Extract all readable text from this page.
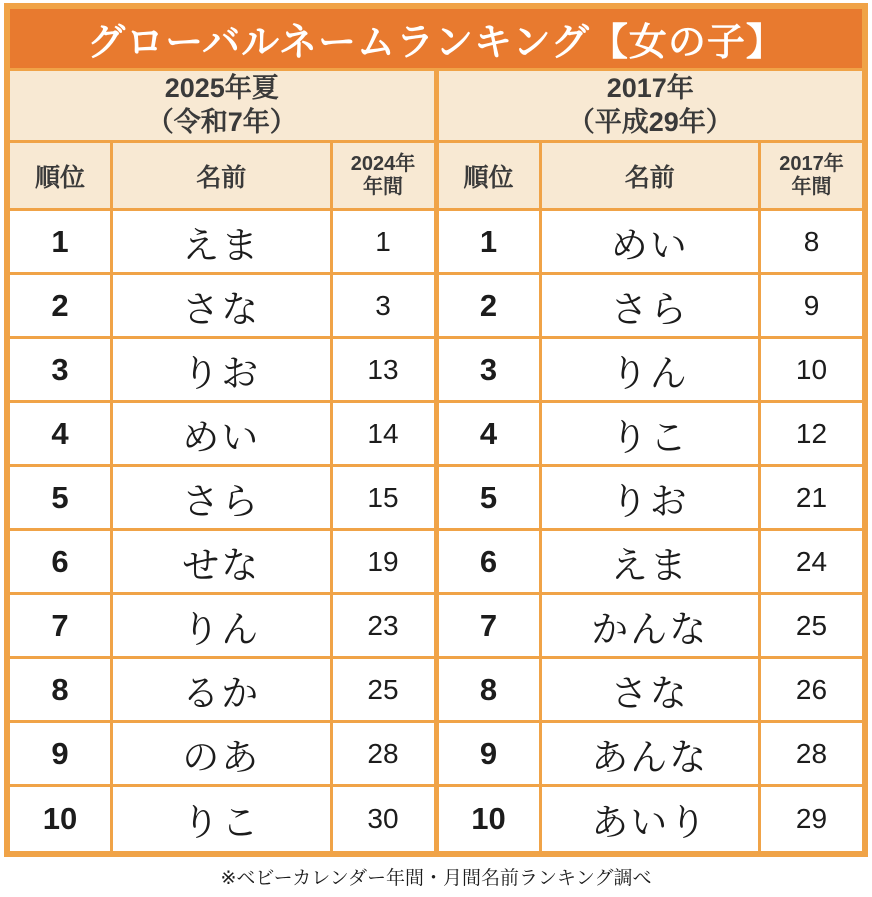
グローバルネームランキング【女の子】
2025年夏
（令和7年）
順位	名前	2024年
年間
1	えま	1
2	さな	3
3	りお	13
4	めい	14
5	さら	15
6	せな	19
7	りん	23
8	るか	25
9	のあ	28
10	りこ	30
2017年
（平成29年）
順位	名前	2017年
年間
1	めい	8
2	さら	9
3	りん	10
4	りこ	12
5	りお	21
6	えま	24
7	かんな	25
8	さな	26
9	あんな	28
10	あいり	29
※ベビーカレンダー年間・月間名前ランキング調べ
